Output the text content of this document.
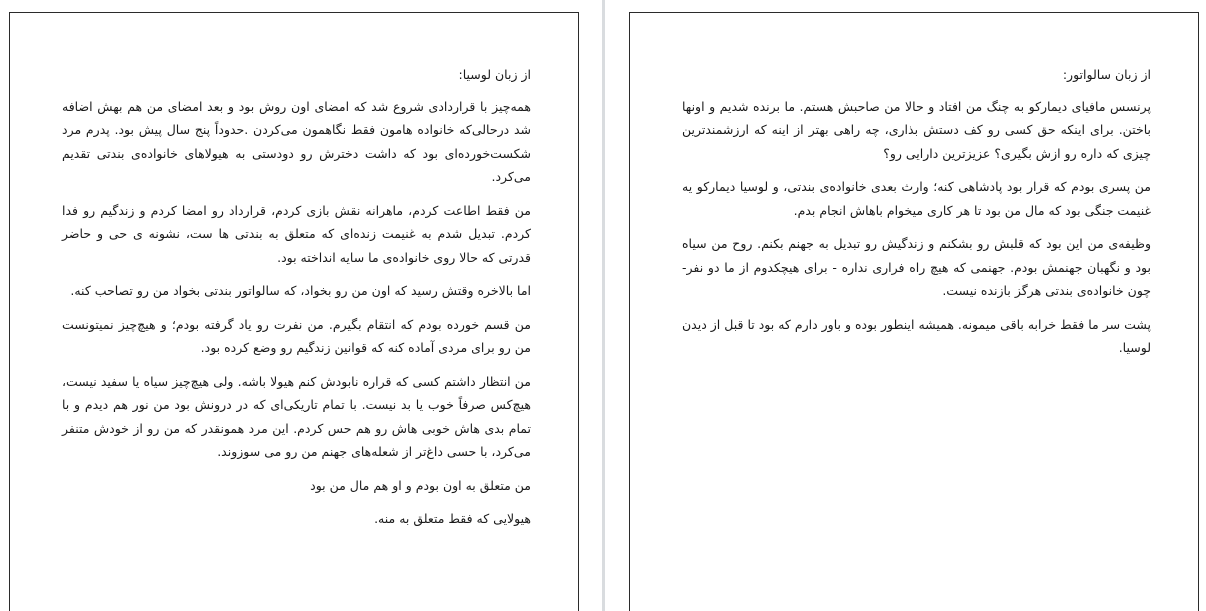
از زبان لوسیا:

همه‌چیز با قراردادی شروع شد که امضای اون روش بود و بعد امضای من هم بهش اضافه شد درحالی‌که خانواده هامون فقط نگاهمون می‌کردن .حدوداً پنج سال پیش بود. پدرم مرد شکست‌خورده‌ای بود که داشت دخترش رو دودستی به هیولاهای خانواده‌ی بندتی تقدیم می‌کرد.

من فقط اطاعت کردم، ماهرانه نقش بازی کردم، قرارداد رو امضا کردم و زندگیم رو فدا کردم. تبدیل شدم به غنیمت زنده‌ای که متعلق به بندتی ها ست، نشونه ی حی و حاضر قدرتی که حالا روی خانواده‌ی ما سایه انداخته بود.

اما بالاخره وقتش رسید که اون من رو بخواد، که سالواتور بندتی بخواد من رو تصاحب کنه.

من قسم خورده بودم که انتقام بگیرم. من نفرت رو یاد گرفته بودم؛ و هیچ‌چیز نمیتونست من رو برای مردی آماده کنه که قوانین زندگیم رو وضع کرده بود.

من انتظار داشتم کسی که قراره نابودش کنم هیولا باشه. ولی هیچ‌چیز سیاه یا سفید نیست، هیچ‌کس صرفاً خوب یا بد نیست. با تمام تاریکی‌ای که در درونش بود من نور هم دیدم و با تمام بدی هاش خوبی هاش رو هم حس کردم. این مرد همونقدر که من رو از خودش متنفر می‌کرد، با حسی داغ‌تر از شعله‌های جهنم من رو می سوزوند.

من متعلق به اون بودم و او هم مال من بود

هیولایی که فقط متعلق به منه.

از زبان سالواتور:

پرنسس مافیای دیمارکو به چنگ من افتاد و حالا من صاحبش هستم. ما برنده شدیم و اونها باختن. برای اینکه حق کسی رو کف دستش بذاری، چه راهی بهتر از اینه که ارزشمندترین چیزی که داره رو ازش بگیری؟ عزیزترین دارایی رو؟

من پسری بودم که قرار بود پادشاهی کنه؛ وارث بعدی خانواده‌ی بندتی، و لوسیا دیمارکو یه غنیمت جنگی بود که مال من بود تا هر کاری میخوام باهاش انجام بدم.

وظیفه‌ی من این بود که قلبش رو بشکنم و زندگیش رو تبدیل به جهنم بکنم. روح من سیاه بود و نگهبان جهنمش بودم. جهنمی که هیچ راه فراری نداره - برای هیچکدوم از ما دو نفر- چون خانواده‌ی بندتی هرگز بازنده نیست.

پشت سر ما فقط خرابه باقی میمونه. همیشه اینطور بوده و باور دارم که بود تا قبل از دیدن لوسیا.
